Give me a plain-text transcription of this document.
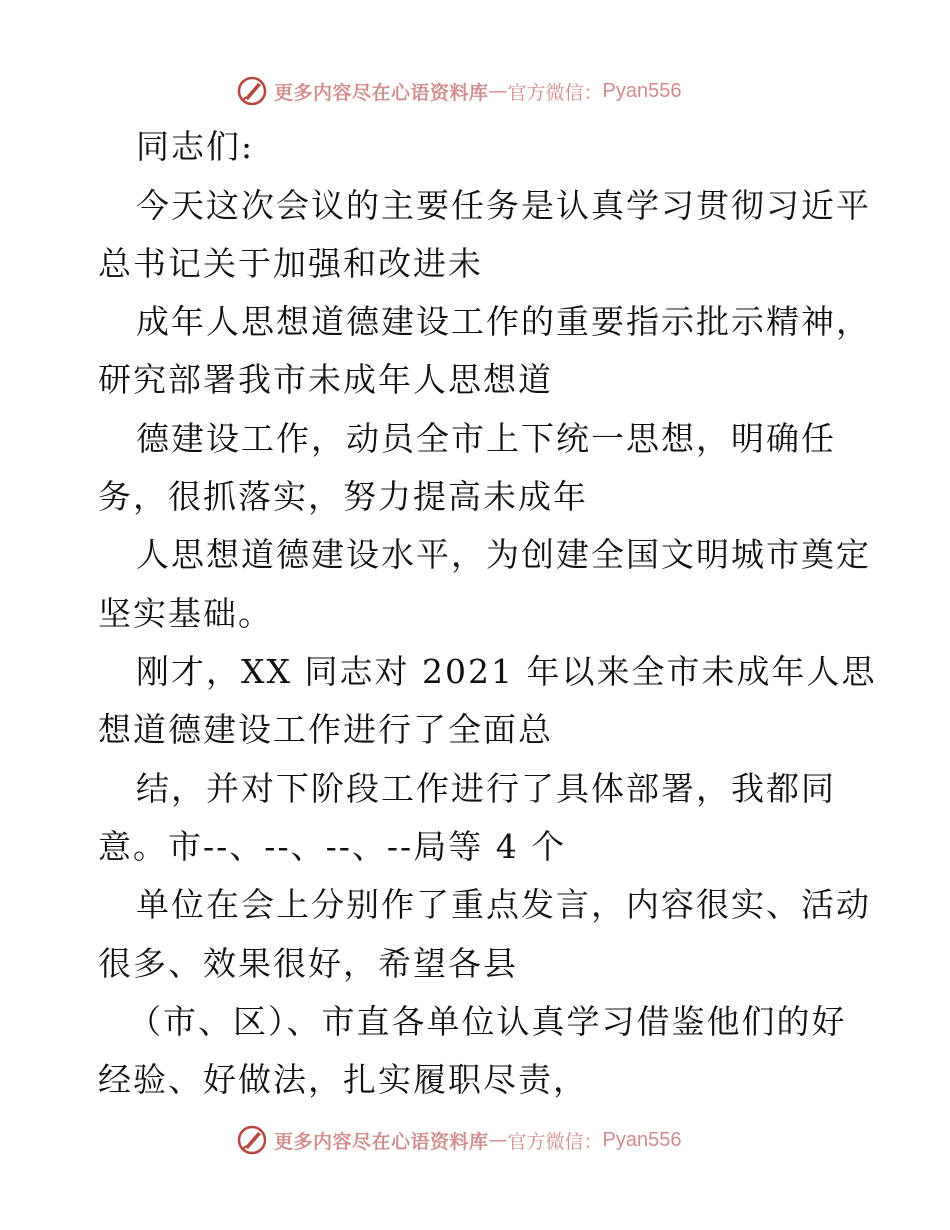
更多内容尽在心语资料库 — 官方微信： Pyan556
同志们:
今天这次会议的主要任务是认真学习贯彻习近平
总书记关于加强和改进未
成年人思想道德建设工作的重要指示批示精神，
研究部署我市未成年人思想道
德建设工作，动员全市上下统一思想，明确任
务，很抓落实，努力提高未成年
人思想道德建设水平，为创建全国文明城市奠定
坚实基础。
刚才，XX 同志对 2021 年以来全市未成年人思
想道德建设工作进行了全面总
结，并对下阶段工作进行了具体部署，我都同
意。市--、--、--、--局等 4 个
单位在会上分别作了重点发言，内容很实、活动
很多、效果很好，希望各县
（市、区）、市直各单位认真学习借鉴他们的好
经验、好做法，扎实履职尽责，
更多内容尽在心语资料库 — 官方微信： Pyan556
